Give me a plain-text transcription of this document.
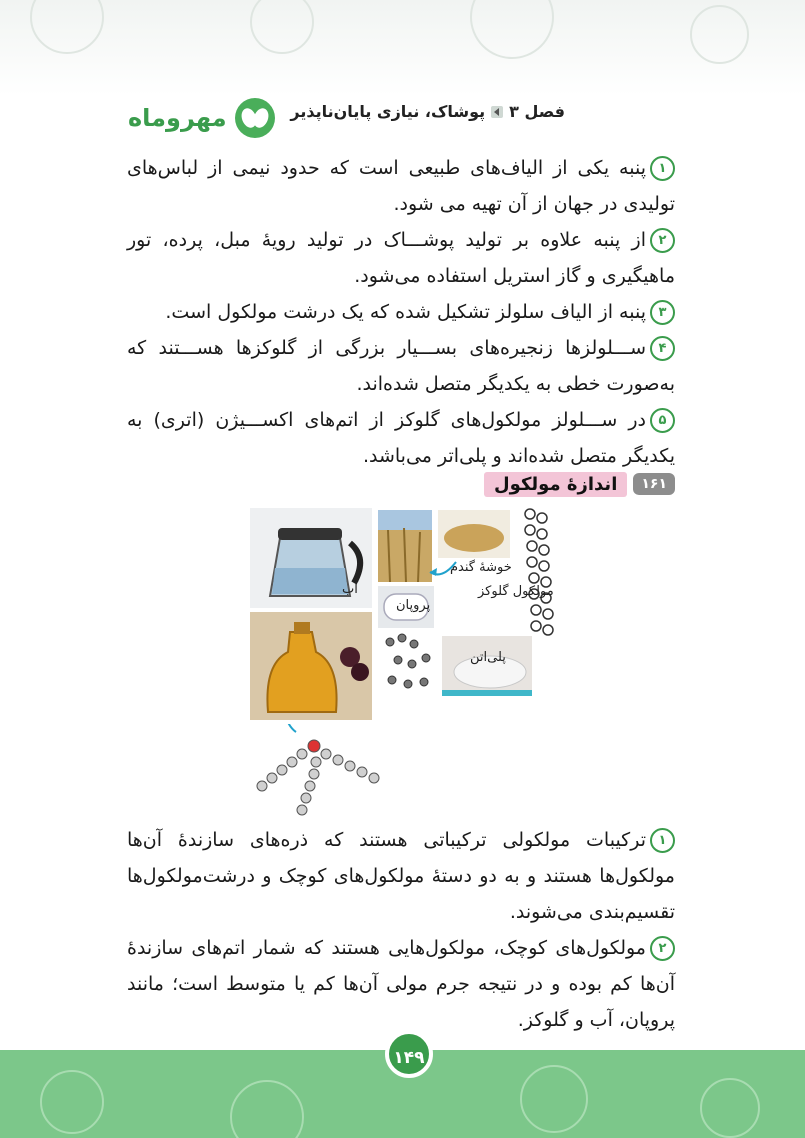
فصل ۳
پوشاک، نیازی پایان‌ناپذیر
مهروماه

۱پنبه یکی از الیاف‌های طبیعی است که حدود نیمی از لباس‌های تولیدی در جهان از آن تهیه می شود.

۲از پنبه علاوه بر تولید پوشـــاک در تولید رویهٔ مبل، پرده، تور ماهیگیری و گاز استریل استفاده می‌شود.

۳پنبه از الیاف سلولز تشکیل شده که یک درشت مولکول است.

۴ســـلولزها زنجیره‌های بســـیار بزرگی از گلوکزها هســـتند که به‌صورت خطی به یکدیگر متصل شده‌اند.

۵در ســـلولز مولکول‌های گلوکز از اتم‌های اکســـیژن (اتری) به یکدیگر متصل شده‌اند و پلی‌اتر می‌باشد.

۱۶۱
اندازهٔ مولکول
آب
خوشهٔ گندم
مولکول گلوکز
پروپان
پلی‌اتن

۱ترکیبات مولکولی ترکیباتی هستند که ذره‌های سازندهٔ آن‌ها مولکول‌ها هستند و به دو دستهٔ مولکول‌های کوچک و درشت‌مولکول‌ها تقسیم‌بندی می‌شوند.

۲مولکول‌های کوچک، مولکول‌هایی هستند که شمار اتم‌های سازندهٔ آن‌ها کم بوده و در نتیجه جرم مولی آن‌ها کم یا متوسط است؛ مانند پروپان، آب و گلوکز.

۱۴۹
